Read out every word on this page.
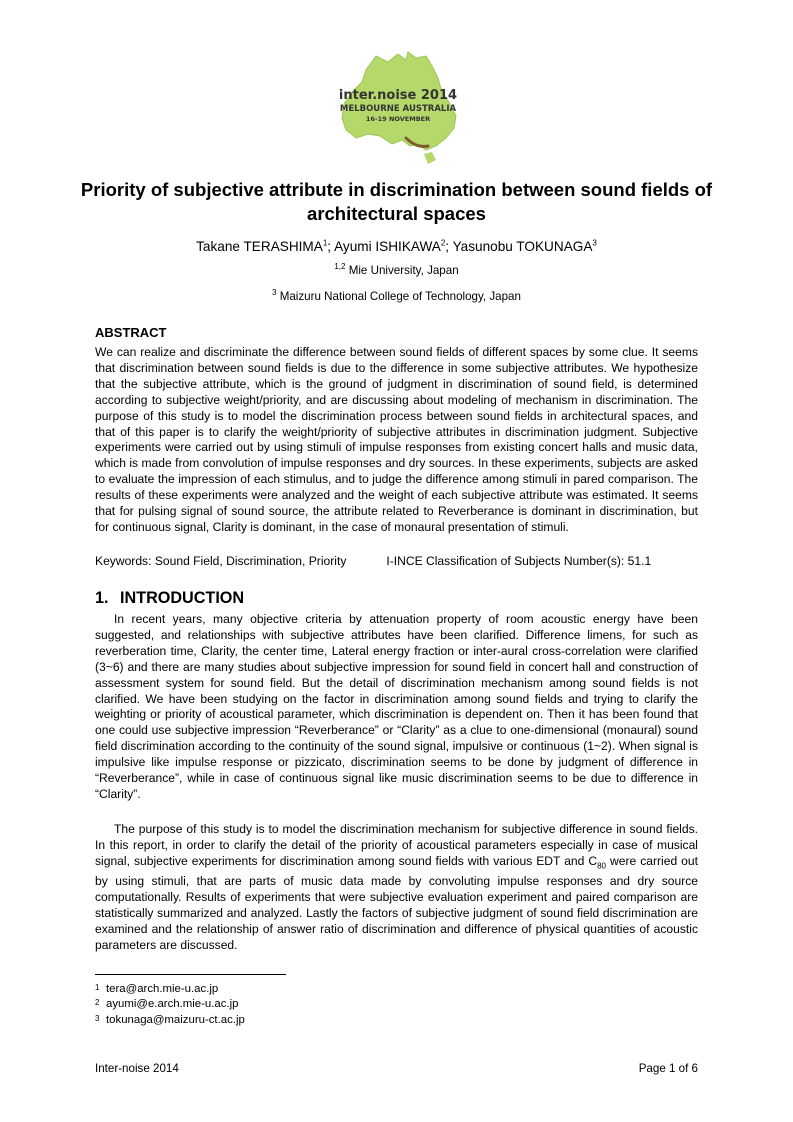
inter.noise 2014
MELBOURNE AUSTRALIA
16-19 NOVEMBER
Priority of subjective attribute in discrimination between sound fields of architectural spaces
Takane TERASHIMA$^1$; Ayumi ISHIKAWA$^2$; Yasunobu TOKUNAGA$^3$
$^{1,2}$ Mie University, Japan
$^3$ Maizuru National College of Technology, Japan
ABSTRACT

We can realize and discriminate the difference between sound fields of different spaces by some clue. It seems that discrimination between sound fields is due to the difference in some subjective attributes. We hypothesize that the subjective attribute, which is the ground of judgment in discrimination of sound field, is determined according to subjective weight/priority, and are discussing about modeling of mechanism in discrimination. The purpose of this study is to model the discrimination process between sound fields in architectural spaces, and that of this paper is to clarify the weight/priority of subjective attributes in discrimination judgment. Subjective experiments were carried out by using stimuli of impulse responses from existing concert halls and music data, which is made from convolution of impulse responses and dry sources. In these experiments, subjects are asked to evaluate the impression of each stimulus, and to judge the difference among stimuli in pared comparison. The results of these experiments were analyzed and the weight of each subjective attribute was estimated. It seems that for pulsing signal of sound source, the attribute related to Reverberance is dominant in discrimination, but for continuous signal, Clarity is dominant, in the case of monaural presentation of stimuli.

Keywords: Sound Field, Discrimination, Priority	I-INCE Classification of Subjects Number(s): 51.1
1. INTRODUCTION

In recent years, many objective criteria by attenuation property of room acoustic energy have been suggested, and relationships with subjective attributes have been clarified. Difference limens, for such as reverberation time, Clarity, the center time, Lateral energy fraction or inter-aural cross-correlation were clarified (3~6) and there are many studies about subjective impression for sound field in concert hall and construction of assessment system for sound field. But the detail of discrimination mechanism among sound fields is not clarified. We have been studying on the factor in discrimination among sound fields and trying to clarify the weighting or priority of acoustical parameter, which discrimination is dependent on. Then it has been found that one could use subjective impression “Reverberance” or “Clarity” as a clue to one-dimensional (monaural) sound field discrimination according to the continuity of the sound signal, impulsive or continuous (1~2). When signal is impulsive like impulse response or pizzicato, discrimination seems to be done by judgment of difference in “Reverberance”, while in case of continuous signal like music discrimination seems to be due to difference in “Clarity”.

The purpose of this study is to model the discrimination mechanism for subjective difference in sound fields. In this report, in order to clarify the detail of the priority of acoustical parameters especially in case of musical signal, subjective experiments for discrimination among sound fields with various EDT and $C_{80}$ were carried out by using stimuli, that are parts of music data made by convoluting impulse responses and dry source computationally. Results of experiments that were subjective evaluation experiment and paired comparison are statistically summarized and analyzed. Lastly the factors of subjective judgment of sound field discrimination are examined and the relationship of answer ratio of discrimination and difference of physical quantities of acoustic parameters are discussed.

1 tera@arch.mie-u.ac.jp
2 ayumi@e.arch.mie-u.ac.jp
3 tokunaga@maizuru-ct.ac.jp
Inter-noise 2014	Page 1 of 6
